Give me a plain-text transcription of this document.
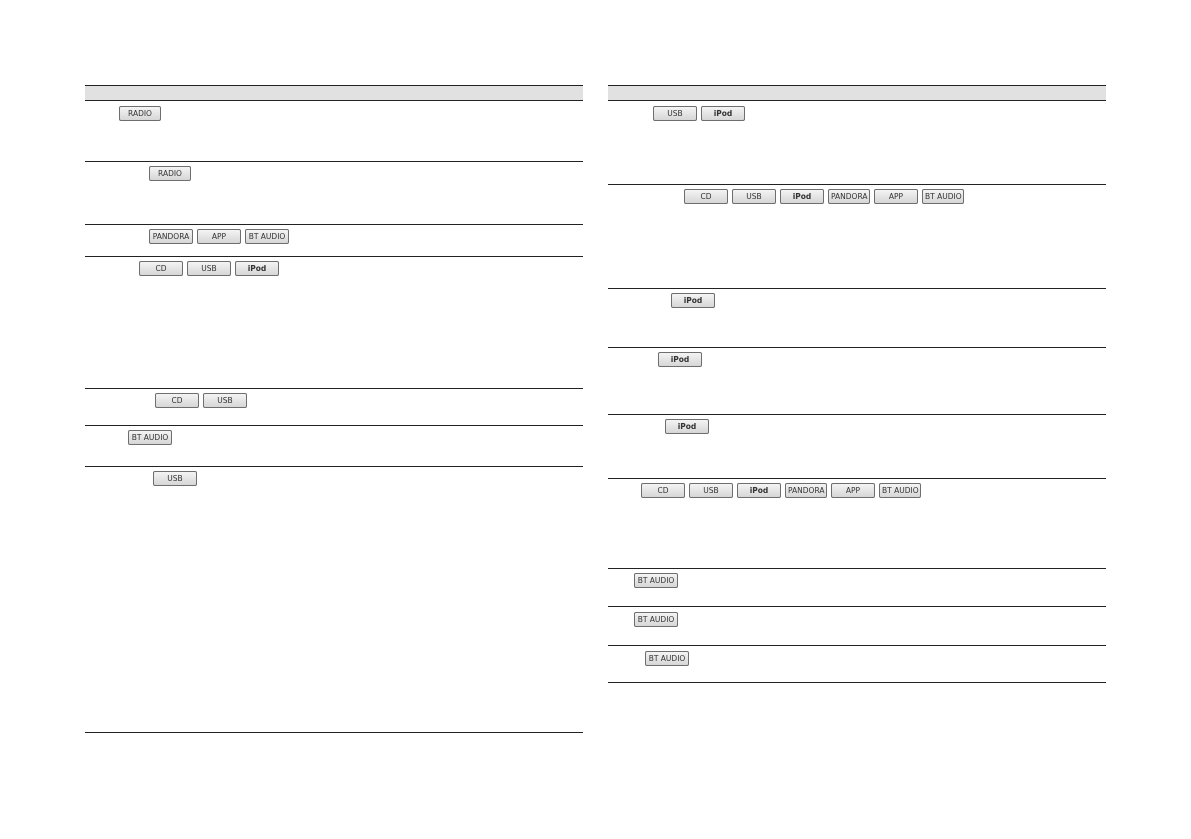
RADIO
RADIO
PANDORA	APP	BT AUDIO
CD	USB	iPod
CD	USB
BT AUDIO
USB
USB	iPod
CD	USB	iPod	PANDORA	APP	BT AUDIO
iPod
iPod
iPod
CD	USB	iPod	PANDORA	APP	BT AUDIO
BT AUDIO
BT AUDIO
BT AUDIO
